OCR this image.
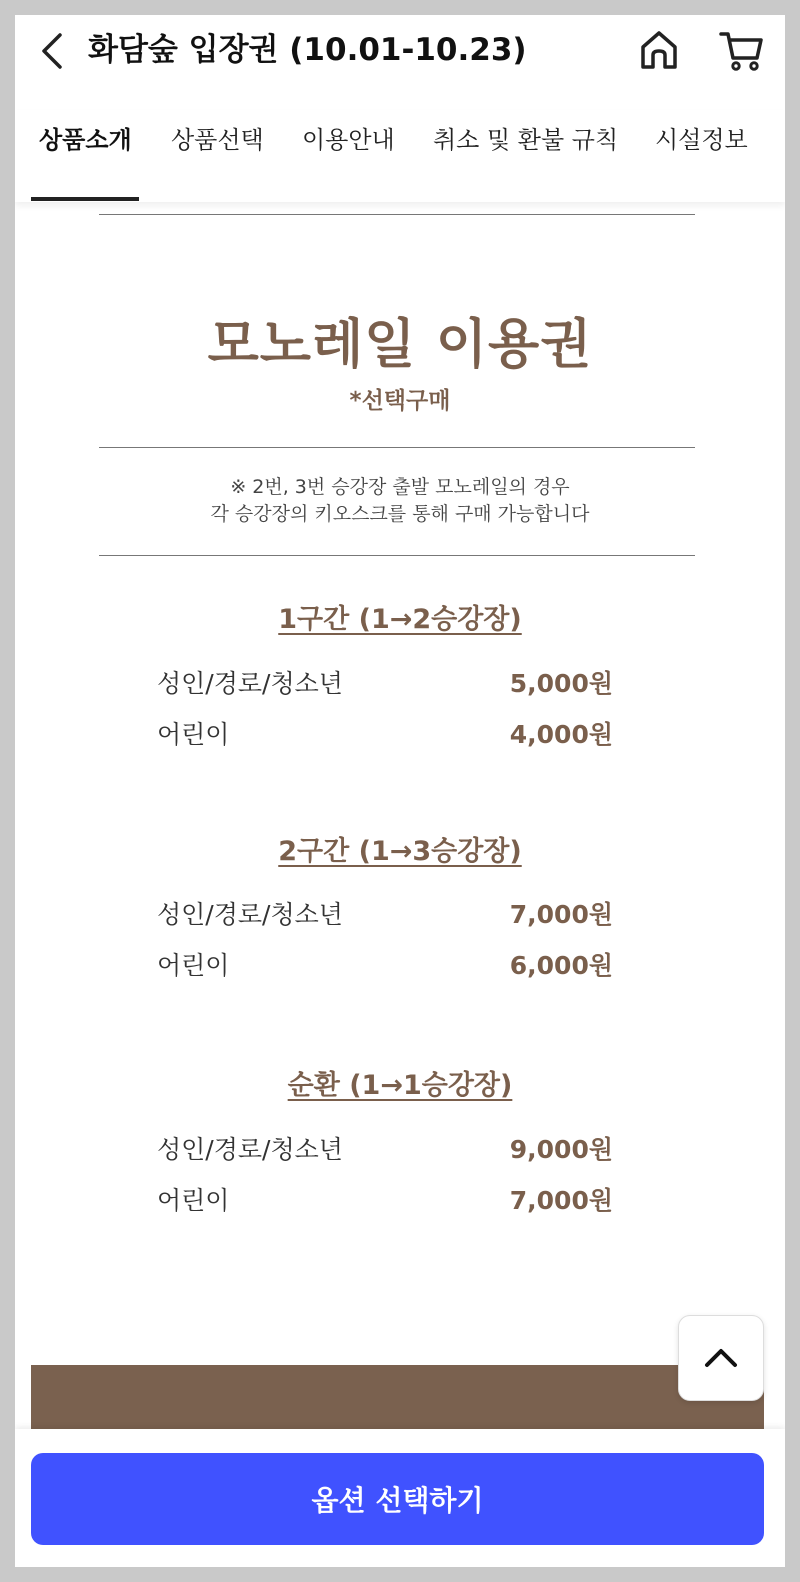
화담숲 입장권 (10.01-10.23)
상품소개 상품선택 이용안내 취소 및 환불 규칙 시설정보
모노레일 이용권
*선택구매
※ 2번, 3번 승강장 출발 모노레일의 경우
각 승강장의 키오스크를 통해 구매 가능합니다
1구간 (1→2승강장)
성인/경로/청소년	5,000원
어린이	4,000원
2구간 (1→3승강장)
성인/경로/청소년	7,000원
어린이	6,000원
순환 (1→1승강장)
성인/경로/청소년	9,000원
어린이	7,000원
옵션 선택하기
